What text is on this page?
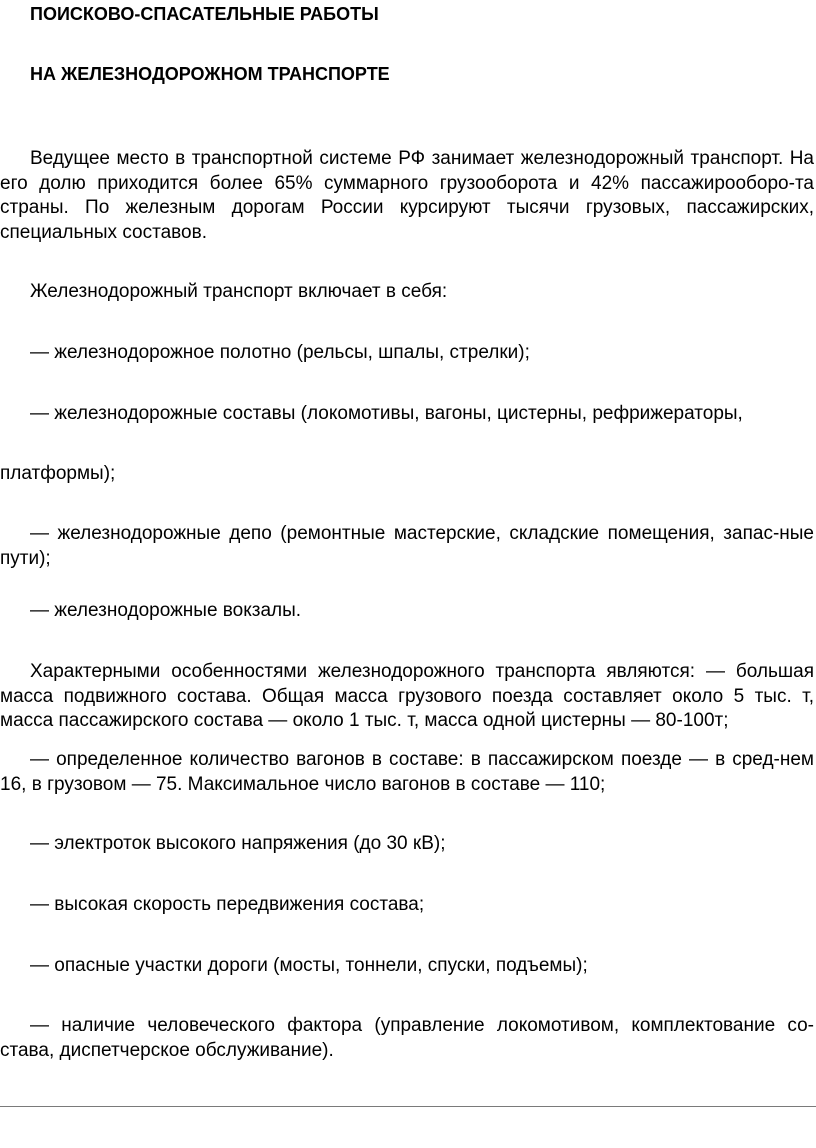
ПОИСКОВО-СПАСАТЕЛЬНЫЕ РАБОТЫ
НА ЖЕЛЕЗНОДОРОЖНОМ ТРАНСПОРТЕ
Ведущее место в транспортной системе РФ занимает железнодорожный транспорт. На его долю приходится более 65% суммарного грузооборота и 42% пассажирооборо-та страны. По железным дорогам России курсируют тысячи грузовых, пассажирских, специальных составов.
Железнодорожный транспорт включает в себя:
— железнодорожное полотно (рельсы, шпалы, стрелки);
— железнодорожные составы (локомотивы, вагоны, цистерны, рефрижераторы,
платформы);
— железнодорожные депо (ремонтные мастерские, складские помещения, запас-ные пути);
— железнодорожные вокзалы.
Характерными особенностями железнодорожного транспорта являются: — большая масса подвижного состава. Общая масса грузового поезда составляет около 5 тыс. т, масса пассажирского состава — около 1 тыс. т, масса одной цистерны — 80-100т;
— определенное количество вагонов в составе: в пассажирском поезде — в сред-нем 16, в грузовом — 75. Максимальное число вагонов в составе — 110;
— электроток высокого напряжения (до 30 кВ);
— высокая скорость передвижения состава;
— опасные участки дороги (мосты, тоннели, спуски, подъемы);
— наличие человеческого фактора (управление локомотивом, комплектование со-става, диспетчерское обслуживание).
